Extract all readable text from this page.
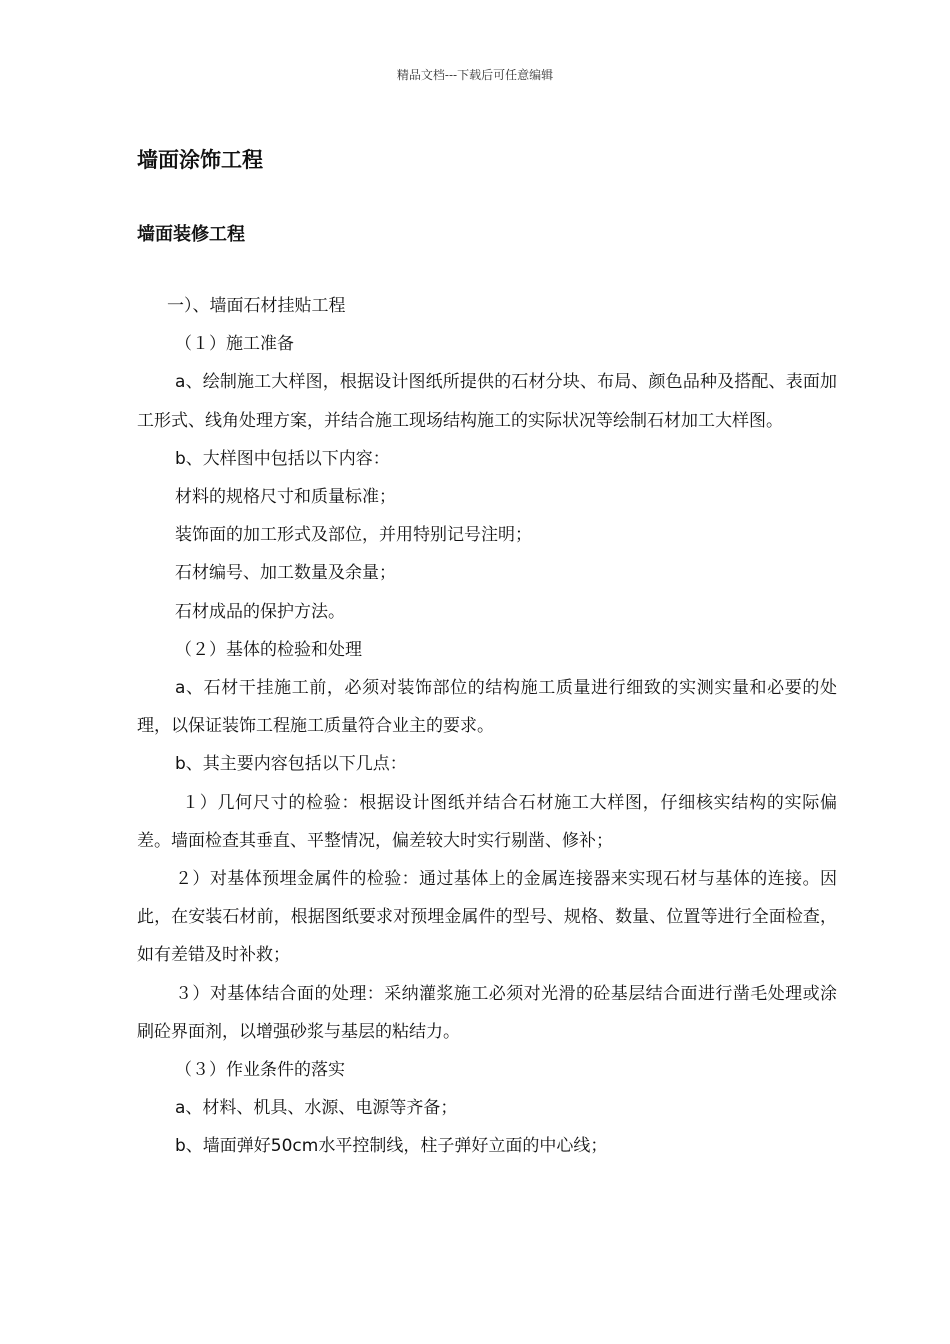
精品文档---下载后可任意编辑
墙面涂饰工程
墙面装修工程

一）、墙面石材挂贴工程

（１）施工准备

a、绘制施工大样图，根据设计图纸所提供的石材分块、布局、颜色品种及搭配、表面加工形式、线角处理方案，并结合施工现场结构施工的实际状况等绘制石材加工大样图。

b、大样图中包括以下内容：

材料的规格尺寸和质量标准；

装饰面的加工形式及部位，并用特别记号注明；

石材编号、加工数量及余量；

石材成品的保护方法。

（２）基体的检验和处理

a、石材干挂施工前，必须对装饰部位的结构施工质量进行细致的实测实量和必要的处理，以保证装饰工程施工质量符合业主的要求。

b、其主要内容包括以下几点：

１）几何尺寸的检验：根据设计图纸并结合石材施工大样图，仔细核实结构的实际偏差。墙面检查其垂直、平整情况，偏差较大时实行剔凿、修补；

２）对基体预埋金属件的检验：通过基体上的金属连接器来实现石材与基体的连接。因此，在安装石材前，根据图纸要求对预埋金属件的型号、规格、数量、位置等进行全面检查，如有差错及时补救；

３）对基体结合面的处理：采纳灌浆施工必须对光滑的砼基层结合面进行凿毛处理或涂刷砼界面剂，以增强砂浆与基层的粘结力。

（３）作业条件的落实

a、材料、机具、水源、电源等齐备；

b、墙面弹好50cm水平控制线，柱子弹好立面的中心线；
